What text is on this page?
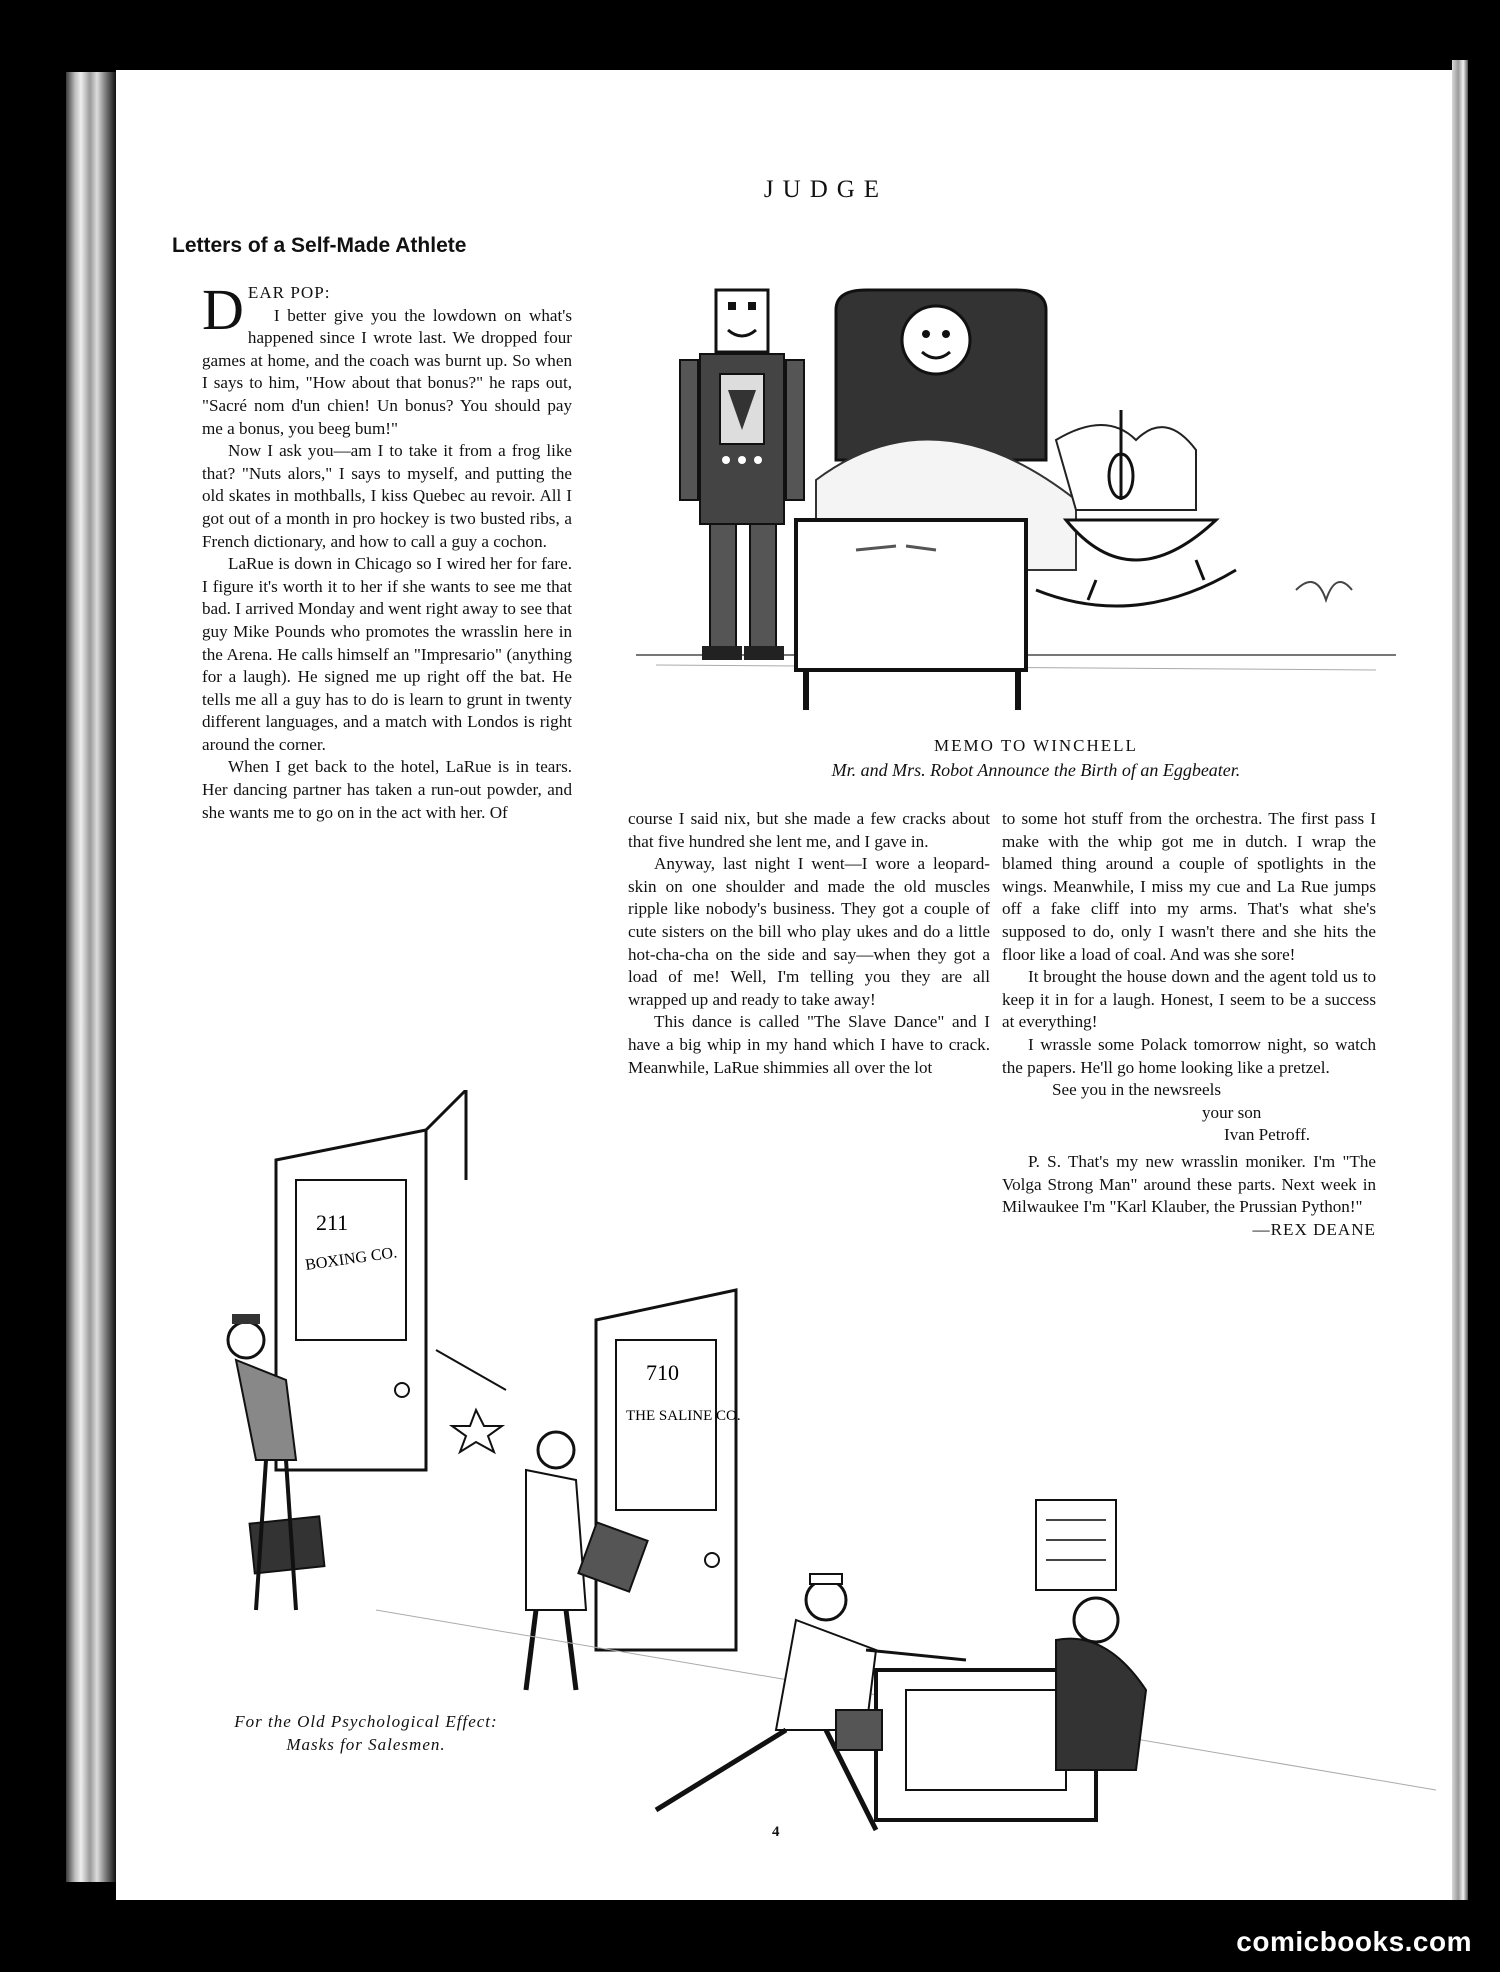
JUDGE
Letters of a Self-Made Athlete

DEAR POP:

I better give you the lowdown on what's happened since I wrote last. We dropped four games at home, and the coach was burnt up. So when I says to him, "How about that bonus?" he raps out, "Sacré nom d'un chien! Un bonus? You should pay me a bonus, you beeg bum!"

Now I ask you—am I to take it from a frog like that? "Nuts alors," I says to myself, and putting the old skates in mothballs, I kiss Quebec au revoir. All I got out of a month in pro hockey is two busted ribs, a French dictionary, and how to call a guy a cochon.

LaRue is down in Chicago so I wired her for fare. I figure it's worth it to her if she wants to see me that bad. I arrived Monday and went right away to see that guy Mike Pounds who promotes the wrasslin here in the Arena. He calls himself an "Impresario" (anything for a laugh). He signed me up right off the bat. He tells me all a guy has to do is learn to grunt in twenty different languages, and a match with Londos is right around the corner.

When I get back to the hotel, LaRue is in tears. Her dancing partner has taken a run-out powder, and she wants me to go on in the act with her. Of	course I said nix, but she made a few cracks about that five hundred she lent me, and I gave in.

Anyway, last night I went—I wore a leopard-skin on one shoulder and made the old muscles ripple like nobody's business. They got a couple of cute sisters on the bill who play ukes and do a little hot-cha-cha on the side and say—when they got a load of me! Well, I'm telling you they are all wrapped up and ready to take away!

This dance is called "The Slave Dance" and I have a big whip in my hand which I have to crack. Meanwhile, LaRue shimmies all over the lot

to some hot stuff from the orchestra. The first pass I make with the whip got me in dutch. I wrap the blamed thing around a couple of spotlights in the wings. Meanwhile, I miss my cue and La Rue jumps off a fake cliff into my arms. That's what she's supposed to do, only I wasn't there and she hits the floor like a load of coal. And was she sore!

It brought the house down and the agent told us to keep it in for a laugh. Honest, I seem to be a success at everything!

I wrassle some Polack tomorrow night, so watch the papers. He'll go home looking like a pretzel.

See you in the newsreels

your son

Ivan Petroff.

P. S. That's my new wrasslin moniker. I'm "The Volga Strong Man" around these parts. Next week in Milwaukee I'm "Karl Klauber, the Prussian Python!"

—REX DEANE

MEMO TO WINCHELL
Mr. and Mrs. Robot Announce the Birth of an Eggbeater.
211
BOXING CO.
710
THE SALINE CO.
For the Old Psychological Effect:
Masks for Salesmen.
4
comicbooks.com
